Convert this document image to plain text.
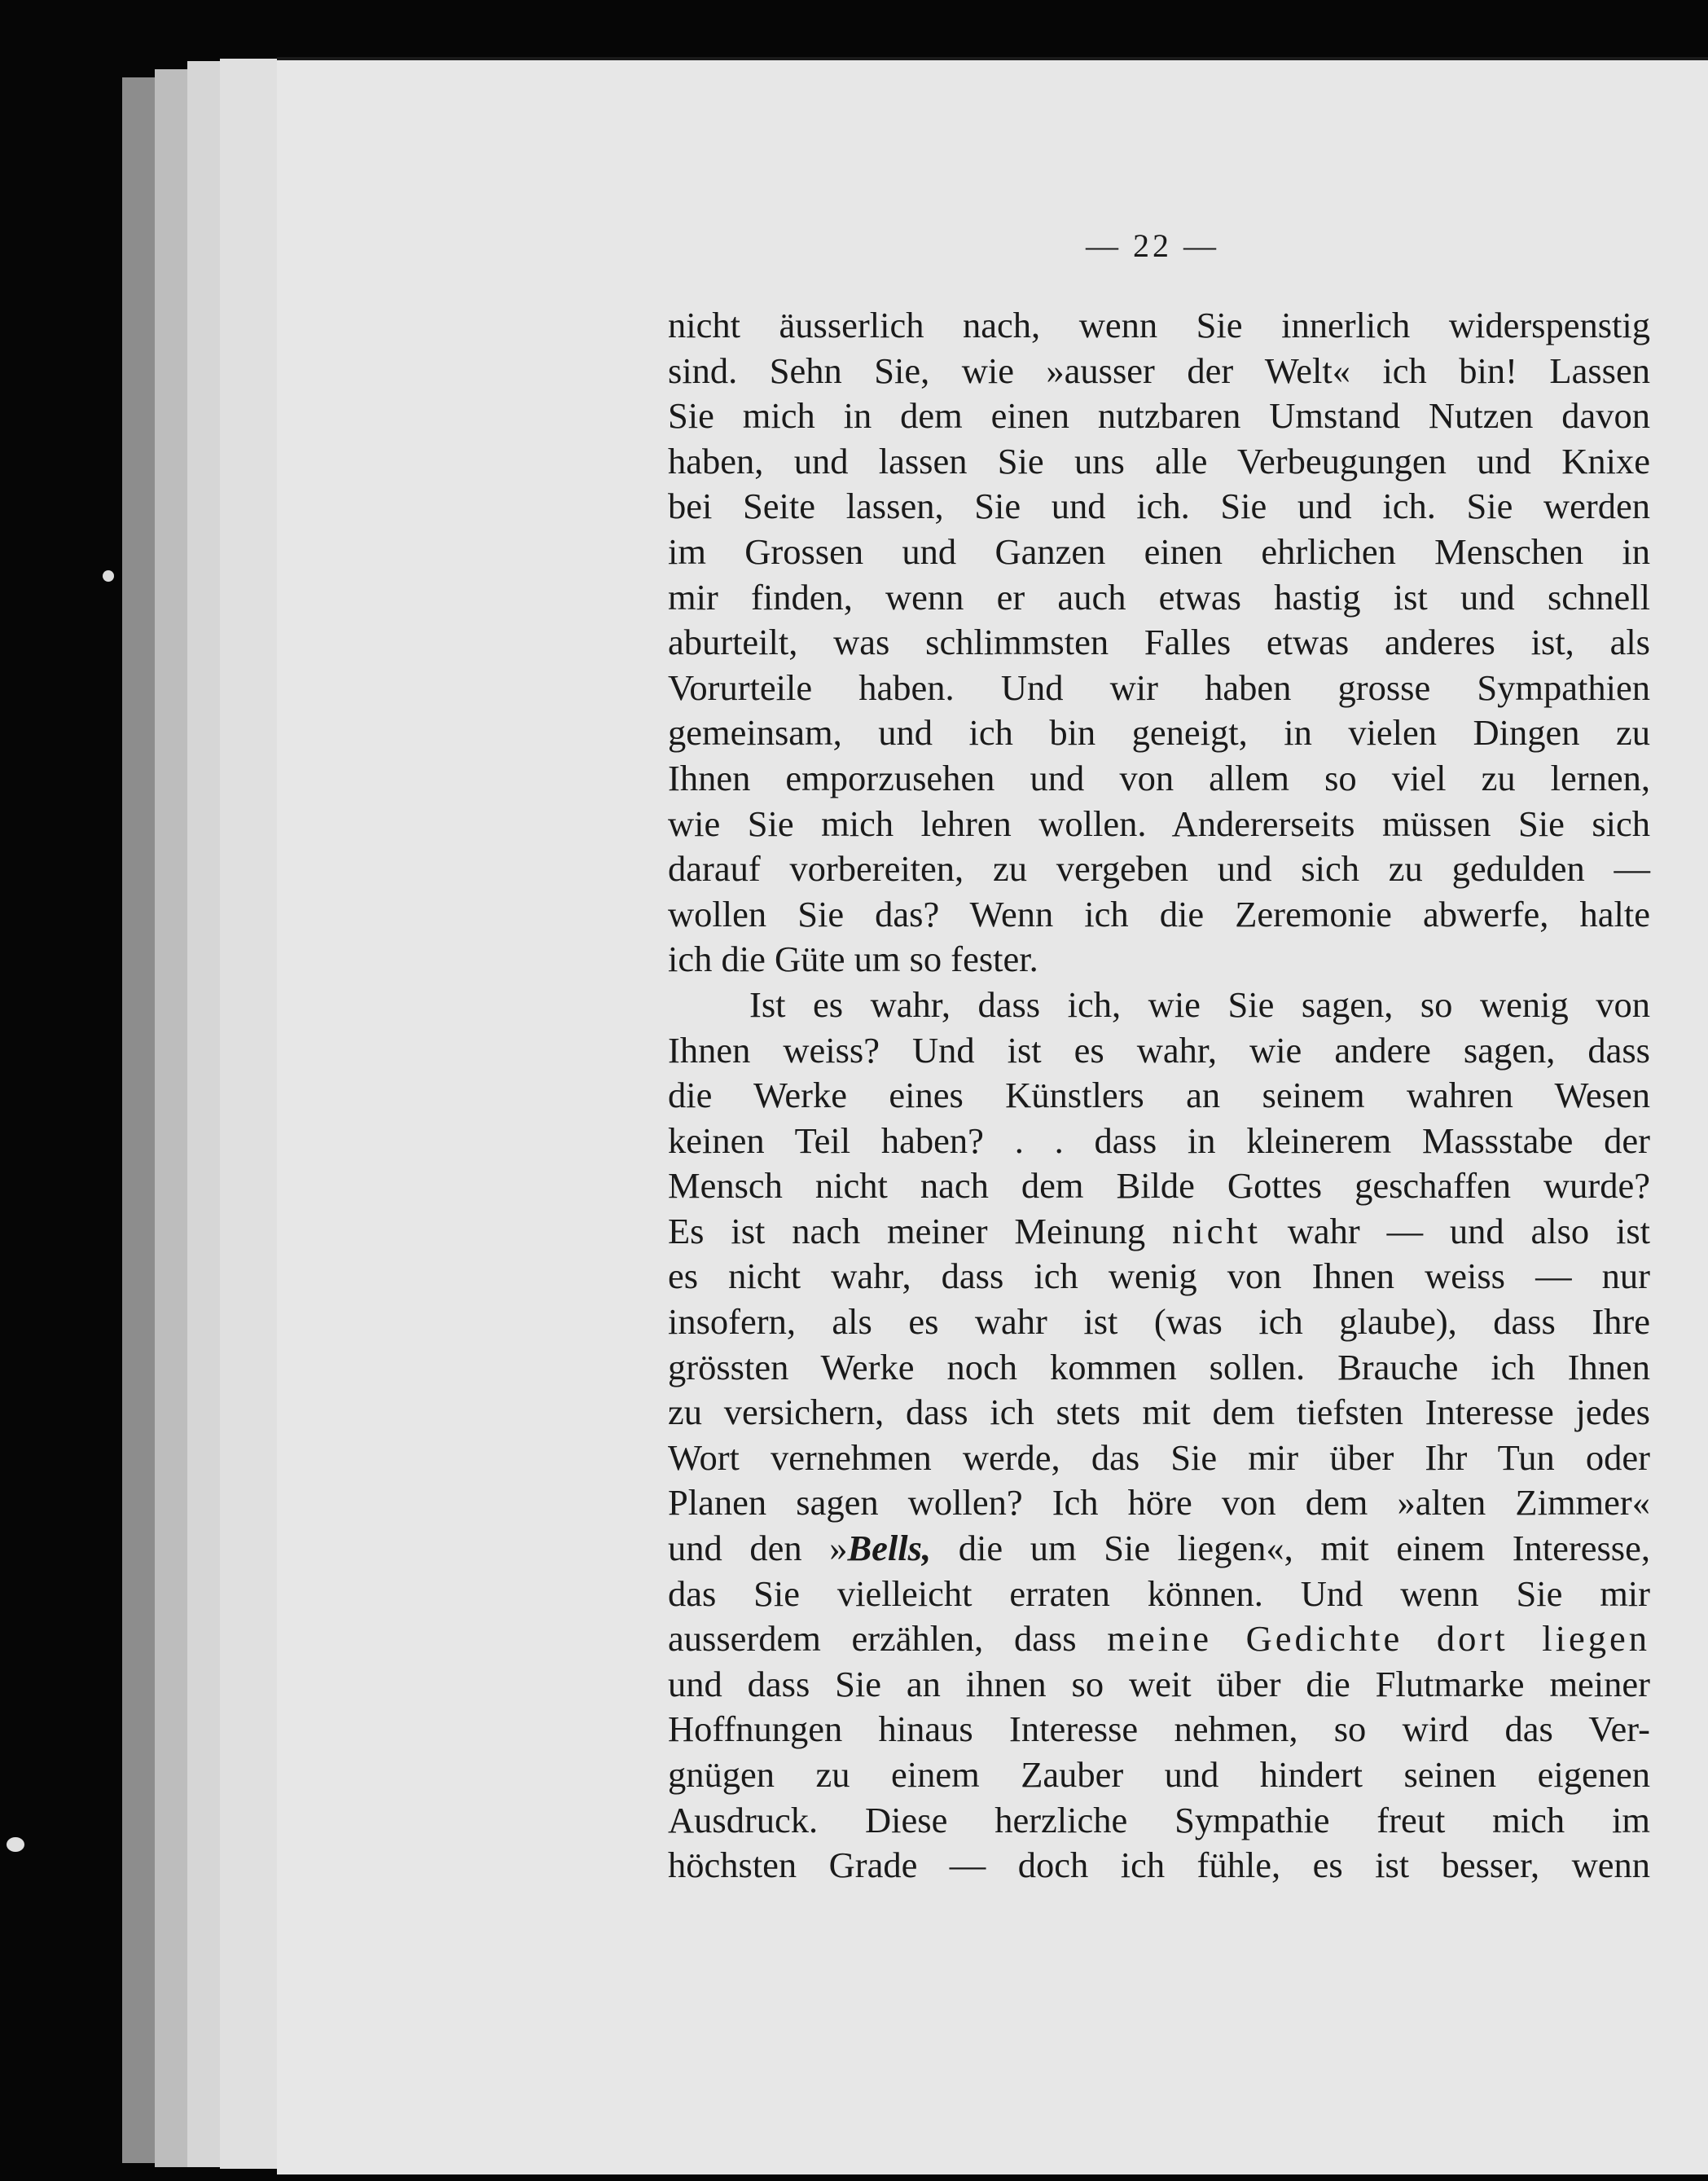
— 22 —
nicht äusserlich nach, wenn Sie innerlich widerspenstig
sind. Sehn Sie, wie »ausser der Welt« ich bin! Lassen
Sie mich in dem einen nutzbaren Umstand Nutzen davon
haben, und lassen Sie uns alle Verbeugungen und Knixe
bei Seite lassen, Sie und ich. Sie und ich. Sie werden
im Grossen und Ganzen einen ehrlichen Menschen in
mir finden, wenn er auch etwas hastig ist und schnell
aburteilt, was schlimmsten Falles etwas anderes ist, als
Vorurteile haben. Und wir haben grosse Sympathien
gemeinsam, und ich bin geneigt, in vielen Dingen zu
Ihnen emporzusehen und von allem so viel zu lernen,
wie Sie mich lehren wollen. Andererseits müssen Sie sich
darauf vorbereiten, zu vergeben und sich zu gedulden —
wollen Sie das? Wenn ich die Zeremonie abwerfe, halte
ich die Güte um so fester.
Ist es wahr, dass ich, wie Sie sagen, so wenig von
Ihnen weiss? Und ist es wahr, wie andere sagen, dass
die Werke eines Künstlers an seinem wahren Wesen
keinen Teil haben? . . dass in kleinerem Massstabe der
Mensch nicht nach dem Bilde Gottes geschaffen wurde?
Es ist nach meiner Meinung nicht wahr — und also ist
es nicht wahr, dass ich wenig von Ihnen weiss — nur
insofern, als es wahr ist (was ich glaube), dass Ihre
grössten Werke noch kommen sollen. Brauche ich Ihnen
zu versichern, dass ich stets mit dem tiefsten Interesse jedes
Wort vernehmen werde, das Sie mir über Ihr Tun oder
Planen sagen wollen? Ich höre von dem »alten Zimmer«
und den »Bells, die um Sie liegen«, mit einem Interesse,
das Sie vielleicht erraten können. Und wenn Sie mir
ausserdem erzählen, dass meine Gedichte dort liegen
und dass Sie an ihnen so weit über die Flutmarke meiner
Hoffnungen hinaus Interesse nehmen, so wird das Ver-
gnügen zu einem Zauber und hindert seinen eigenen
Ausdruck. Diese herzliche Sympathie freut mich im
höchsten Grade — doch ich fühle, es ist besser, wenn
